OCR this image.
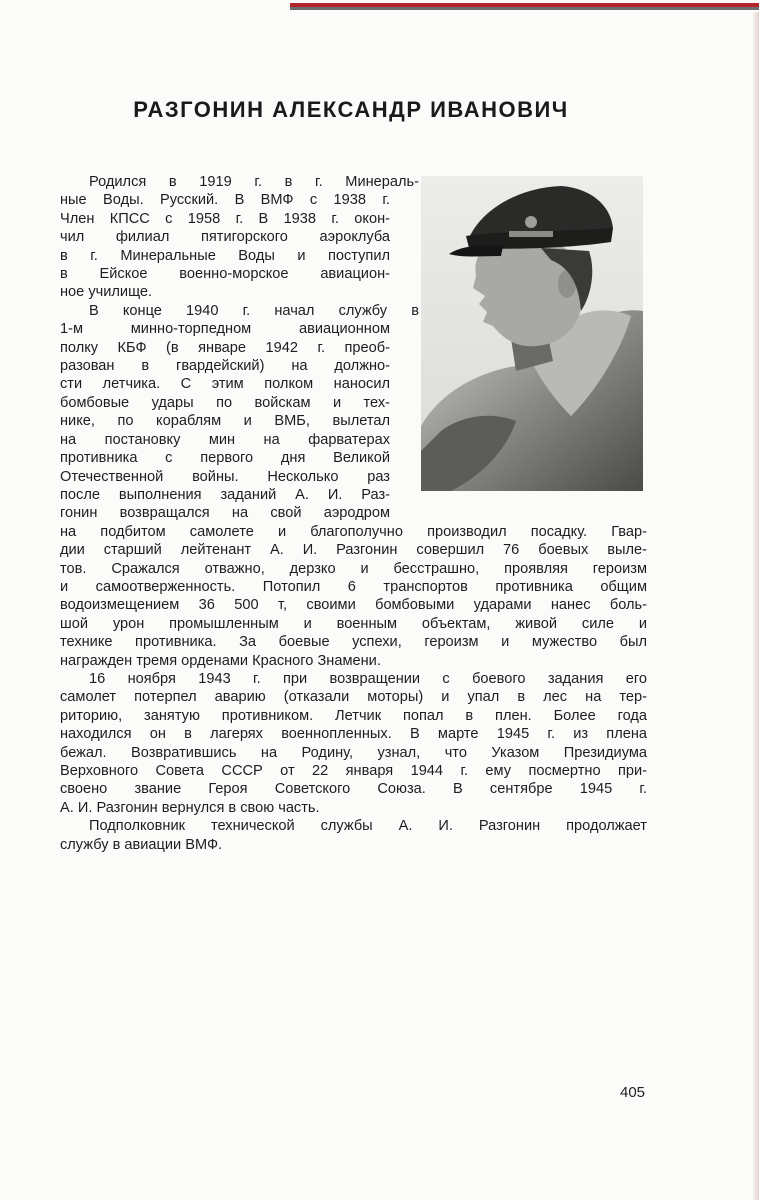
РАЗГОНИН АЛЕКСАНДР ИВАНОВИЧ
Родился в 1919 г. в г. Минераль-
ные Воды. Русский. В ВМФ с 1938 г.
Член КПСС с 1958 г. В 1938 г. окон-
чил филиал пятигорского аэроклуба
в г. Минеральные Воды и поступил
в Ейское военно-морское авиацион-
ное училище.
В конце 1940 г. начал службу в
1-м минно-торпедном авиационном
полку КБФ (в январе 1942 г. преоб-
разован в гвардейский) на должно-
сти летчика. С этим полком наносил
бомбовые удары по войскам и тех-
нике, по кораблям и ВМБ, вылетал
на постановку мин на фарватерах
противника с первого дня Великой
Отечественной войны. Несколько раз
после выполнения заданий А. И. Раз-
гонин возвращался на свой аэродром
на подбитом самолете и благополучно производил посадку. Гвар-
дии старший лейтенант А. И. Разгонин совершил 76 боевых вылe-
тов. Сражался отважно, дерзко и бесстрашно, проявляя героизм
и самоотверженность. Потопил 6 транспортов противника общим
водоизмещением 36 500 т, своими бомбовыми ударами нанес боль-
шой урон промышленным и военным объектам, живой силе и
технике противника. За боевые успехи, героизм и мужество был
награжден тремя орденами Красного Знамени.
16 ноября 1943 г. при возвращении с боевого задания его
самолет потерпел аварию (отказали моторы) и упал в лес на тер-
риторию, занятую противником. Летчик попал в плен. Более года
находился он в лагерях военнопленных. В марте 1945 г. из плена
бежал. Возвратившись на Родину, узнал, что Указом Президиума
Верховного Совета СССР от 22 января 1944 г. ему посмертно при-
своено звание Героя Советского Союза. В сентябре 1945 г.
А. И. Разгонин вернулся в свою часть.
Подполковник технической службы А. И. Разгонин продолжает
службу в авиации ВМФ.
405
